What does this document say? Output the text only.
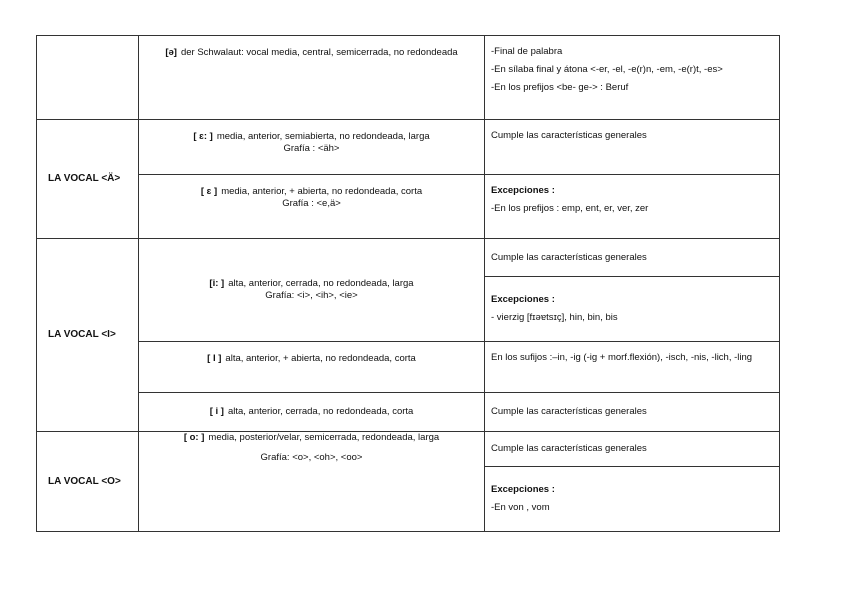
	[ə] der Schwalaut: vocal media, central, semicerrada, no redondeada	-Final de palabra
-En sílaba final y átona <-er, -el, -e(r)n, -em, -e(r)t, -es>
-En los prefijos <be- ge-> : Beruf

LA VOCAL <Ä>	[ ɛ: ] media, anterior, semiabierta, no redondeada, larga
Grafía : <äh>	Cumple las características generales
	[ ɛ ] media, anterior, + abierta, no redondeada, corta
Grafía : <e,ä>	Excepciones :
-En los prefijos : emp, ent, er, ver, zer
LA VOCAL <I>	[i: ] alta, anterior, cerrada, no redondeada, larga
Grafía: <i>, <ih>, <ie>	Cumple las características generales

		Excepciones :
- vierzig [fɪəɐtsɪç], hin, bin, bis
	[ I ] alta, anterior, + abierta, no redondeada, corta	En los sufijos :–in, -ig (-ig + morf.flexión), -isch, -nis, -lich, -ling
	[ i ] alta, anterior, cerrada, no redondeada, corta	Cumple las características generales
LA VOCAL <O>	[ o: ] media, posterior/velar, semicerrada, redondeada, larga
Grafía: <o>, <oh>, <oo>	Cumple las características generales

		Excepciones :
-En von , vom
